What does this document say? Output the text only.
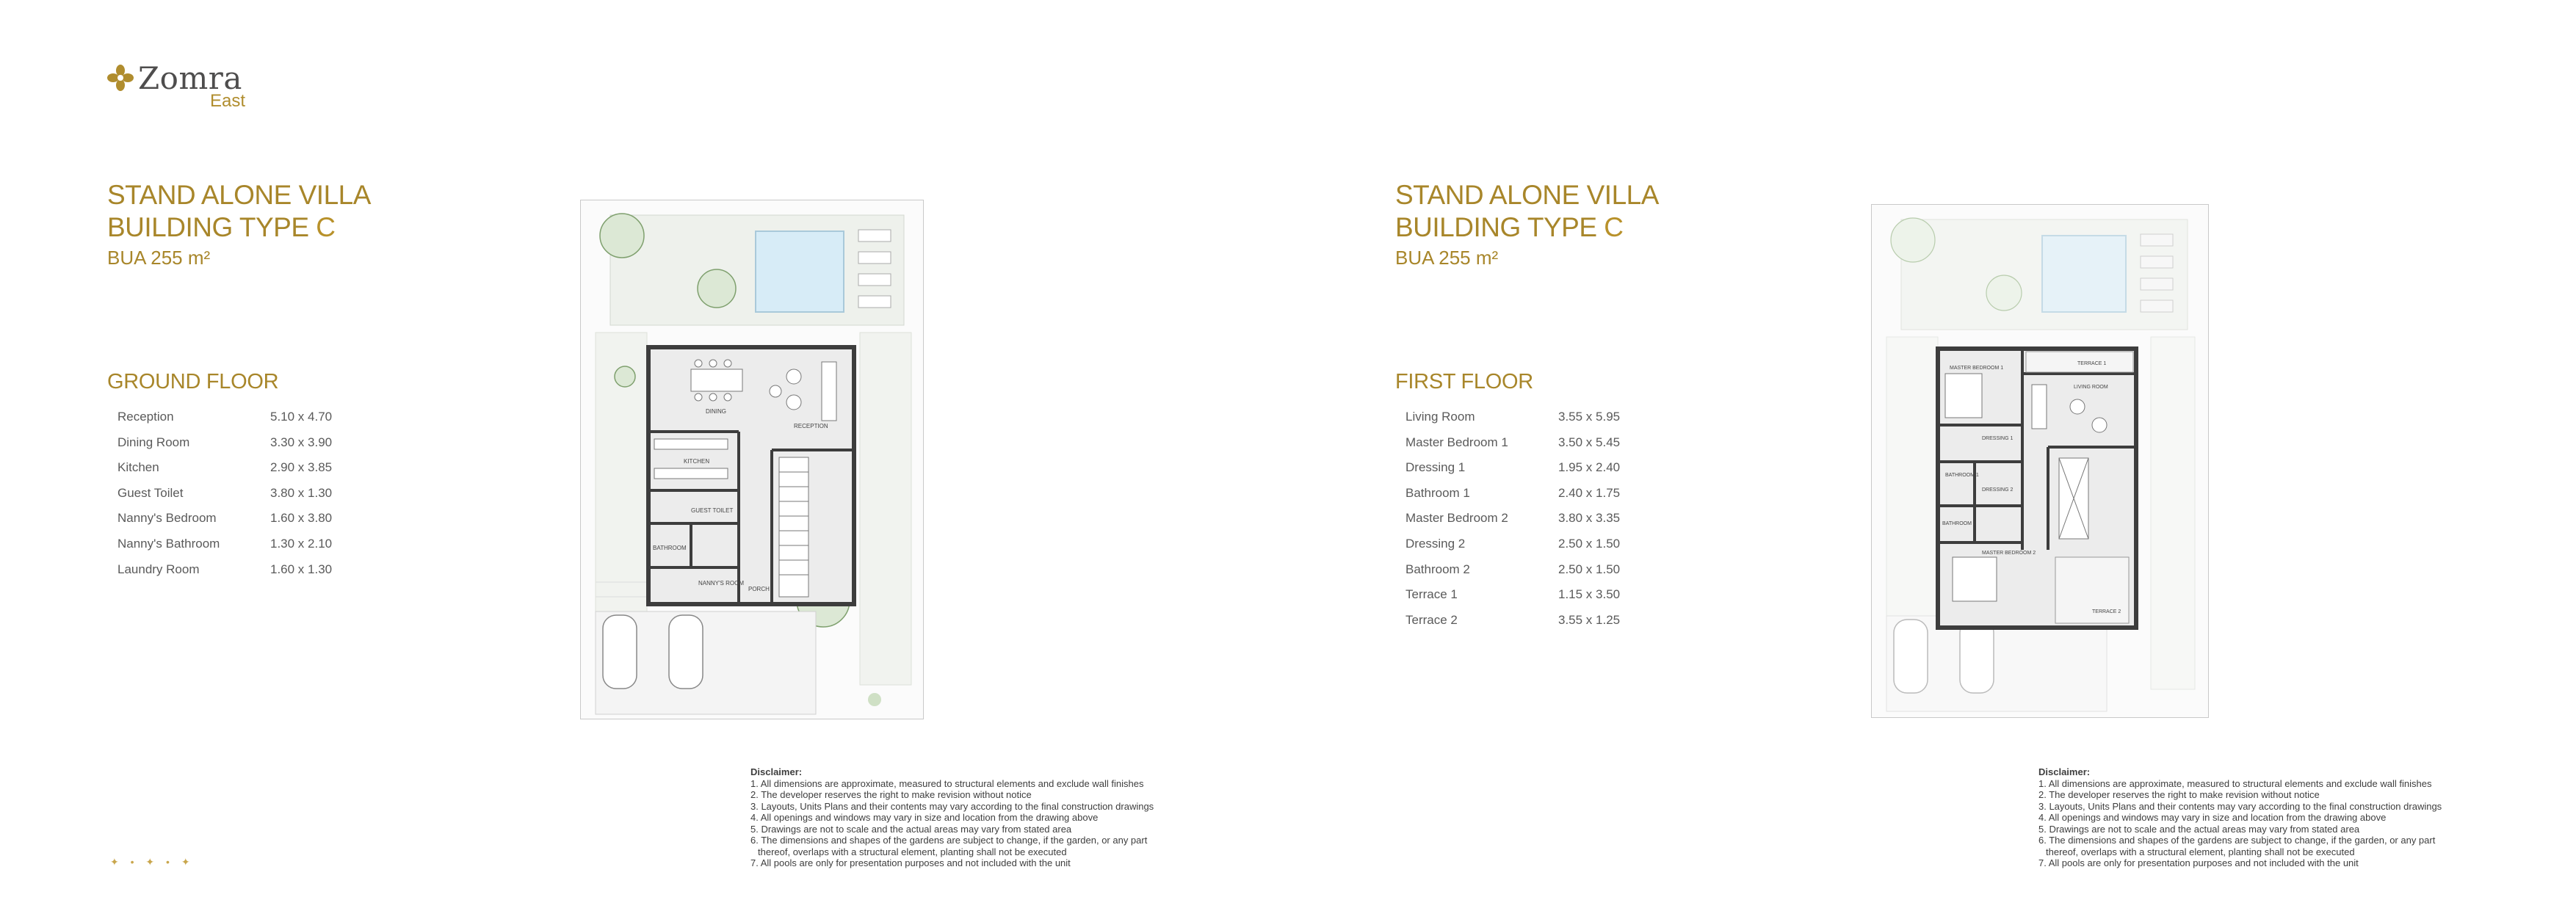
Zomra
East
STAND ALONE VILLA
BUILDING TYPE C
BUA 255 m²
GROUND FLOOR
Reception	5.10 x 4.70
Dining Room	3.30 x 3.90
Kitchen	2.90 x 3.85
Guest Toilet	3.80 x 1.30
Nanny's Bedroom	1.60 x 3.80
Nanny's Bathroom	1.30 x 2.10
Laundry Room	1.60 x 1.30
DINING
RECEPTION
KITCHEN
GUEST TOILET
BATHROOM
NANNY'S ROOM
PORCH
Disclaimer:
1. All dimensions are approximate, measured to structural elements and exclude wall finishes
2. The developer reserves the right to make revision without notice
3. Layouts, Units Plans and their contents may vary according to the final construction drawings
4. All openings and windows may vary in size and location from the drawing above
5. Drawings are not to scale and the actual areas may vary from stated area
6. The dimensions and shapes of the gardens are subject to change, if the garden, or any part
thereof, overlaps with a structural element, planting shall not be executed
7. All pools are only for presentation purposes and not included with the unit
STAND ALONE VILLA
BUILDING TYPE C
BUA 255 m²
FIRST FLOOR
Living Room	3.55 x 5.95
Master Bedroom 1	3.50 x 5.45
Dressing 1	1.95 x 2.40
Bathroom 1	2.40 x 1.75
Master Bedroom 2	3.80 x 3.35
Dressing 2	2.50 x 1.50
Bathroom 2	2.50 x 1.50
Terrace 1	1.15 x 3.50
Terrace 2	3.55 x 1.25
TERRACE 1
MASTER BEDROOM 1
LIVING ROOM
DRESSING 1
BATHROOM 1
DRESSING 2
BATHROOM 2
MASTER BEDROOM 2
TERRACE 2
Disclaimer:
1. All dimensions are approximate, measured to structural elements and exclude wall finishes
2. The developer reserves the right to make revision without notice
3. Layouts, Units Plans and their contents may vary according to the final construction drawings
4. All openings and windows may vary in size and location from the drawing above
5. Drawings are not to scale and the actual areas may vary from stated area
6. The dimensions and shapes of the gardens are subject to change, if the garden, or any part
thereof, overlaps with a structural element, planting shall not be executed
7. All pools are only for presentation purposes and not included with the unit
✦ • ✦ • ✦
